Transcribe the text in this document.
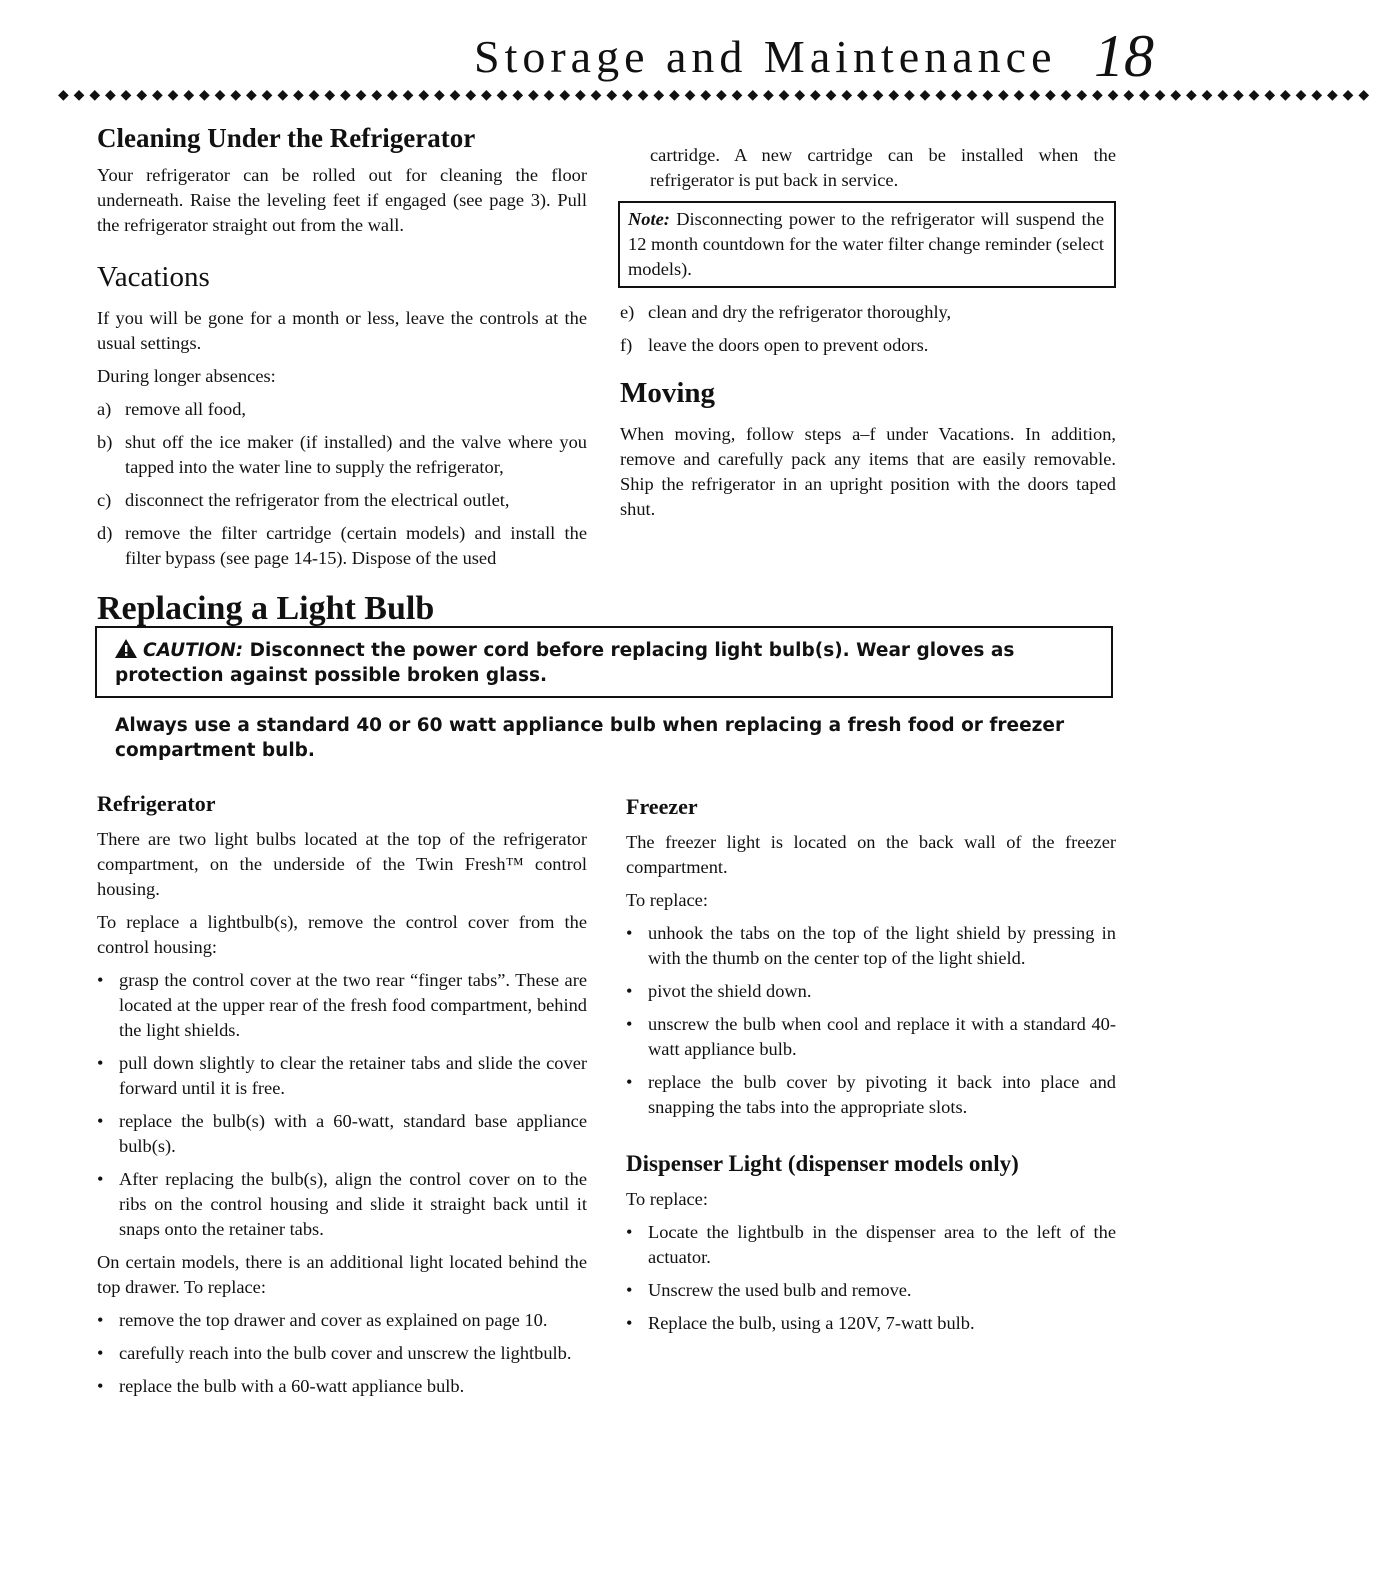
Storage and Maintenance 18
◆◆◆◆◆◆◆◆◆◆◆◆◆◆◆◆◆◆◆◆◆◆◆◆◆◆◆◆◆◆◆◆◆◆◆◆◆◆◆◆◆◆◆◆◆◆◆◆◆◆◆◆◆◆◆◆◆◆◆◆◆◆◆◆◆◆◆◆◆◆◆◆◆◆◆◆◆◆◆◆◆◆◆◆
Cleaning Under the Refrigerator

Your refrigerator can be rolled out for cleaning the floor underneath. Raise the leveling feet if engaged (see page 3). Pull the refrigerator straight out from the wall.

Vacations

If you will be gone for a month or less, leave the controls at the usual settings.

During longer absences:

a) remove all food,
b) shut off the ice maker (if installed) and the valve where you tapped into the water line to supply the refrigerator,
c) disconnect the refrigerator from the electrical outlet,
d) remove the filter cartridge (certain models) and install the filter bypass (see page 14-15). Dispose of the used

cartridge. A new cartridge can be installed when the refrigerator is put back in service.

Note: Disconnecting power to the refrigerator will suspend the 12 month countdown for the water filter change reminder (select models).
e) clean and dry the refrigerator thoroughly,
f) leave the doors open to prevent odors.
Moving

When moving, follow steps a–f under Vacations. In addition, remove and carefully pack any items that are easily removable. Ship the refrigerator in an upright position with the doors taped shut.

Replacing a Light Bulb
CAUTION: Disconnect the power cord before replacing light bulb(s). Wear gloves as protection against possible broken glass.
Always use a standard 40 or 60 watt appliance bulb when replacing a fresh food or freezer compartment bulb.
Refrigerator

There are two light bulbs located at the top of the refrigerator compartment, on the underside of the Twin Fresh™ control housing.

To replace a lightbulb(s), remove the control cover from the control housing:

• grasp the control cover at the two rear “finger tabs”. These are located at the upper rear of the fresh food compartment, behind the light shields.
• pull down slightly to clear the retainer tabs and slide the cover forward until it is free.
• replace the bulb(s) with a 60-watt, standard base appliance bulb(s).
• After replacing the bulb(s), align the control cover on to the ribs on the control housing and slide it straight back until it snaps onto the retainer tabs.

On certain models, there is an additional light located behind the top drawer. To replace:

• remove the top drawer and cover as explained on page 10.
• carefully reach into the bulb cover and unscrew the lightbulb.
• replace the bulb with a 60-watt appliance bulb.
Freezer

The freezer light is located on the back wall of the freezer compartment.

To replace:

• unhook the tabs on the top of the light shield by pressing in with the thumb on the center top of the light shield.
• pivot the shield down.
• unscrew the bulb when cool and replace it with a standard 40-watt appliance bulb.
• replace the bulb cover by pivoting it back into place and snapping the tabs into the appropriate slots.
Dispenser Light (dispenser models only)

To replace:

• Locate the lightbulb in the dispenser area to the left of the actuator.
• Unscrew the used bulb and remove.
• Replace the bulb, using a 120V, 7-watt bulb.
